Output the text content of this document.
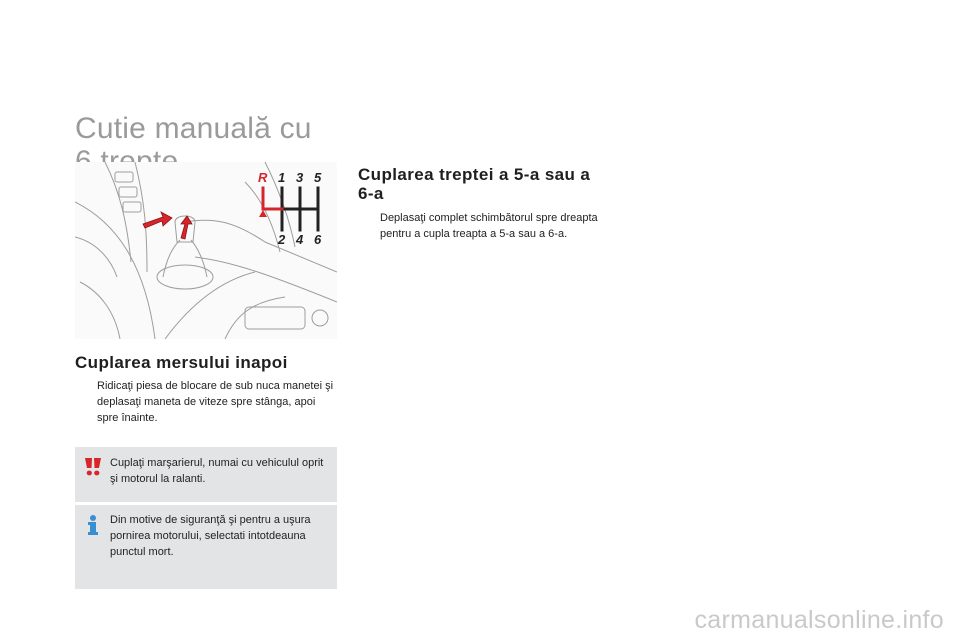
Cutie manuală cu
R 1 3 5
2 4 6
Cuplarea mersului inapoi
Ridicaţi piesa de blocare de sub nuca manetei şi deplasaţi maneta de viteze spre stânga, apoi spre înainte.
Cuplaţi marşarierul, numai cu vehiculul oprit şi motorul la ralanti.
Din motive de siguranţă şi pentru a uşura pornirea motorului, selectati intotdeauna punctul mort.
Cuplarea treptei a 5-a sau a 6-a
Deplasaţi complet schimbătorul spre dreapta pentru a cupla treapta a 5-a sau a 6-a.
carmanualsonline.info
